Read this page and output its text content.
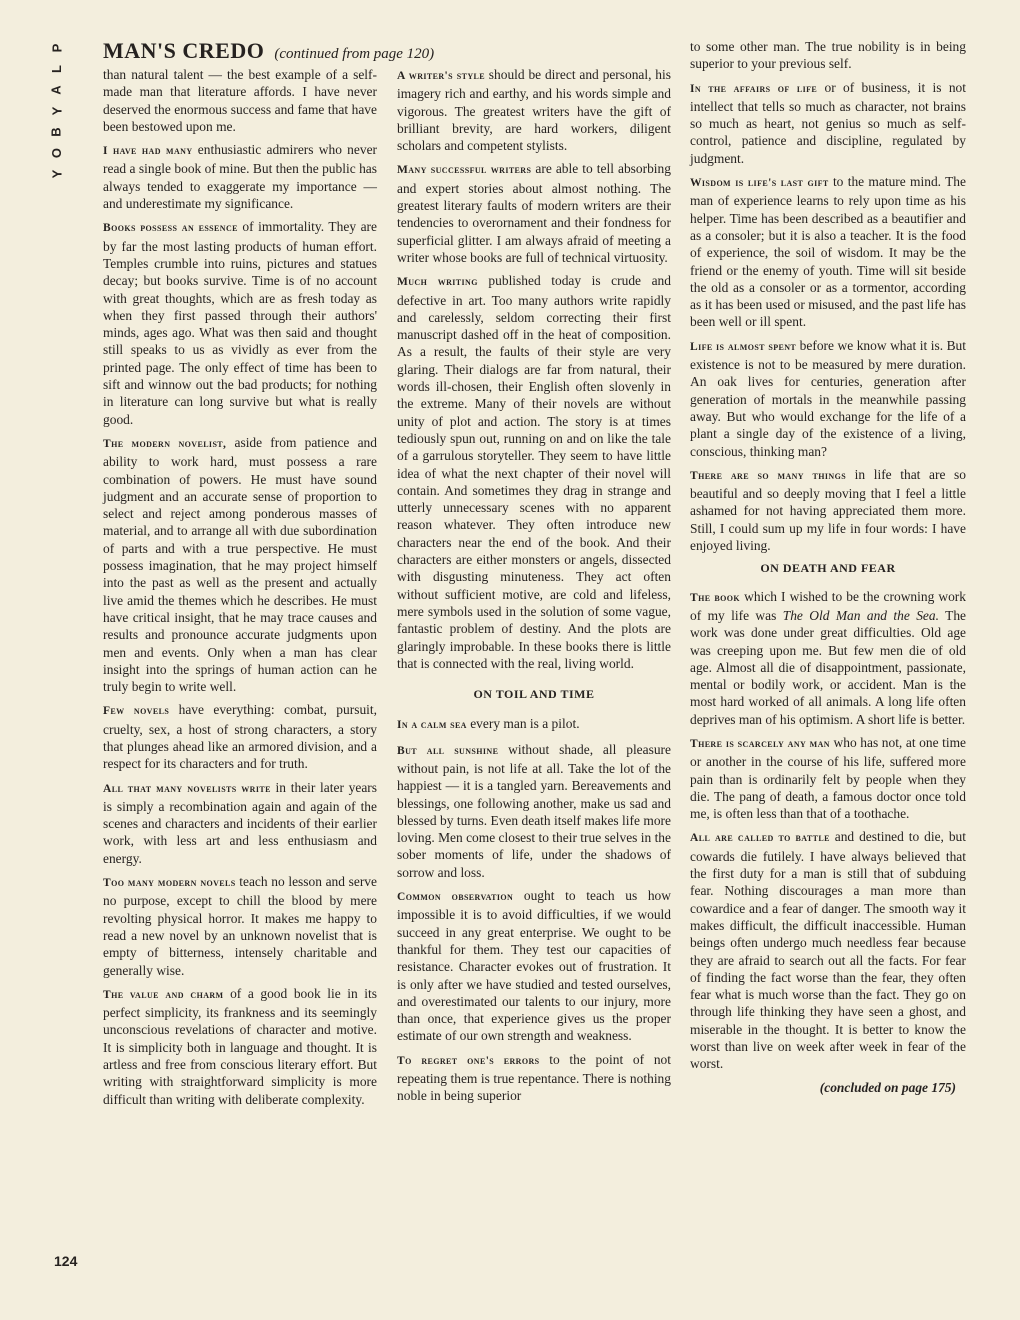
P
L
A
Y
B
O
Y
MAN'S CREDO (continued from page 120)

than natural talent — the best example of a self-made man that literature affords. I have never deserved the enormous success and fame that have been bestowed upon me.

I have had many enthusiastic admirers who never read a single book of mine. But then the public has always tended to exaggerate my importance — and underestimate my significance.

Books possess an essence of immortality. They are by far the most lasting products of human effort. Temples crumble into ruins, pictures and statues decay; but books survive. Time is of no account with great thoughts, which are as fresh today as when they first passed through their authors' minds, ages ago. What was then said and thought still speaks to us as vividly as ever from the printed page. The only effect of time has been to sift and winnow out the bad products; for nothing in literature can long survive but what is really good.

The modern novelist, aside from patience and ability to work hard, must possess a rare combination of powers. He must have sound judgment and an accurate sense of proportion to select and reject among ponderous masses of material, and to arrange all with due subordination of parts and with a true perspective. He must possess imagination, that he may project himself into the past as well as the present and actually live amid the themes which he describes. He must have critical insight, that he may trace causes and results and pronounce accurate judgments upon men and events. Only when a man has clear insight into the springs of human action can he truly begin to write well.

Few novels have everything: combat, pursuit, cruelty, sex, a host of strong characters, a story that plunges ahead like an armored division, and a respect for its characters and for truth.

All that many novelists write in their later years is simply a recombination again and again of the scenes and characters and incidents of their earlier work, with less art and less enthusiasm and energy.

Too many modern novels teach no lesson and serve no purpose, except to chill the blood by mere revolting physical horror. It makes me happy to read a new novel by an unknown novelist that is empty of bitterness, intensely charitable and generally wise.

The value and charm of a good book lie in its perfect simplicity, its frankness and its seemingly unconscious revelations of character and motive. It is simplicity both in language and thought. It is artless and free from conscious literary effort. But writing with straightforward simplicity is more difficult than writing with deliberate complexity.

A writer's style should be direct and personal, his imagery rich and earthy, and his words simple and vigorous. The greatest writers have the gift of brilliant brevity, are hard workers, diligent scholars and competent stylists.

Many successful writers are able to tell absorbing and expert stories about almost nothing. The greatest literary faults of modern writers are their tendencies to overornament and their fondness for superficial glitter. I am always afraid of meeting a writer whose books are full of technical virtuosity.

Much writing published today is crude and defective in art. Too many authors write rapidly and carelessly, seldom correcting their first manuscript dashed off in the heat of composition. As a result, the faults of their style are very glaring. Their dialogs are far from natural, their words ill-chosen, their English often slovenly in the extreme. Many of their novels are without unity of plot and action. The story is at times tediously spun out, running on and on like the tale of a garrulous storyteller. They seem to have little idea of what the next chapter of their novel will contain. And sometimes they drag in strange and utterly unnecessary scenes with no apparent reason whatever. They often introduce new characters near the end of the book. And their characters are either monsters or angels, dissected with disgusting minuteness. They act often without sufficient motive, are cold and lifeless, mere symbols used in the solution of some vague, fantastic problem of destiny. And the plots are glaringly improbable. In these books there is little that is connected with the real, living world.

ON TOIL AND TIME

In a calm sea every man is a pilot.

But all sunshine without shade, all pleasure without pain, is not life at all. Take the lot of the happiest — it is a tangled yarn. Bereavements and blessings, one following another, make us sad and blessed by turns. Even death itself makes life more loving. Men come closest to their true selves in the sober moments of life, under the shadows of sorrow and loss.

Common observation ought to teach us how impossible it is to avoid difficulties, if we would succeed in any great enterprise. We ought to be thankful for them. They test our capacities of resistance. Character evokes out of frustration. It is only after we have studied and tested ourselves, and overestimated our talents to our injury, more than once, that experience gives us the proper estimate of our own strength and weakness.

To regret one's errors to the point of not repeating them is true repentance. There is nothing noble in being superior

to some other man. The true nobility is in being superior to your previous self.

In the affairs of life or of business, it is not intellect that tells so much as character, not brains so much as heart, not genius so much as self-control, patience and discipline, regulated by judgment.

Wisdom is life's last gift to the mature mind. The man of experience learns to rely upon time as his helper. Time has been described as a beautifier and as a consoler; but it is also a teacher. It is the food of experience, the soil of wisdom. It may be the friend or the enemy of youth. Time will sit beside the old as a consoler or as a tormentor, according as it has been used or misused, and the past life has been well or ill spent.

Life is almost spent before we know what it is. But existence is not to be measured by mere duration. An oak lives for centuries, generation after generation of mortals in the meanwhile passing away. But who would exchange for the life of a plant a single day of the existence of a living, conscious, thinking man?

There are so many things in life that are so beautiful and so deeply moving that I feel a little ashamed for not having appreciated them more. Still, I could sum up my life in four words: I have enjoyed living.

ON DEATH AND FEAR

The book which I wished to be the crowning work of my life was The Old Man and the Sea. The work was done under great difficulties. Old age was creeping upon me. But few men die of old age. Almost all die of disappointment, passionate, mental or bodily work, or accident. Man is the most hard worked of all animals. A long life often deprives man of his optimism. A short life is better.

There is scarcely any man who has not, at one time or another in the course of his life, suffered more pain than is ordinarily felt by people when they die. The pang of death, a famous doctor once told me, is often less than that of a toothache.

All are called to battle and destined to die, but cowards die futilely. I have always believed that the first duty for a man is still that of subduing fear. Nothing discourages a man more than cowardice and a fear of danger. The smooth way it makes difficult, the difficult inaccessible. Human beings often undergo much needless fear because they are afraid to search out all the facts. For fear of finding the fact worse than the fear, they often fear what is much worse than the fact. They go on through life thinking they have seen a ghost, and miserable in the thought. It is better to know the worst than live on week after week in fear of the worst.

(concluded on page 175)
124
